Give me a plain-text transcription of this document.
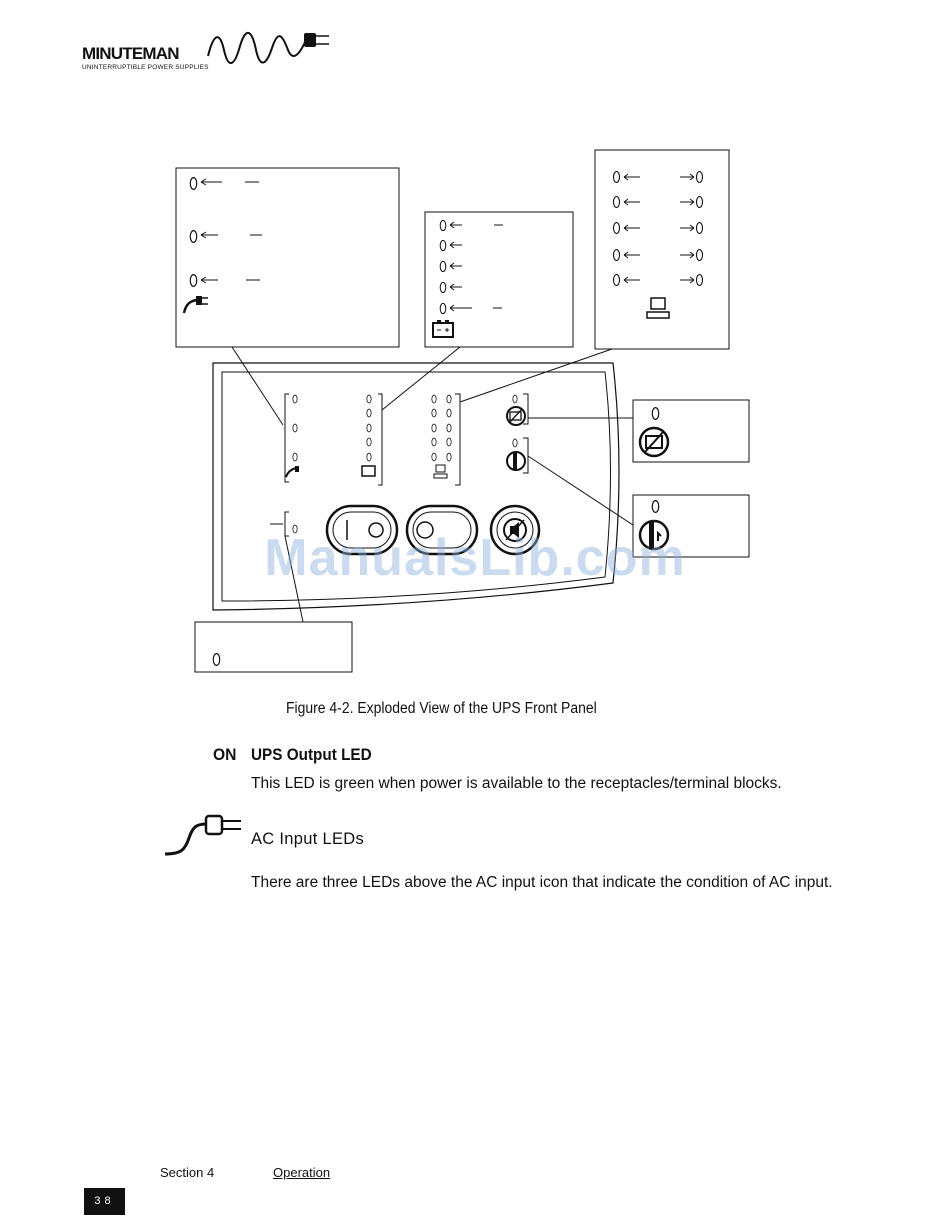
MINUTEMAN
UNINTERRUPTIBLE POWER SUPPLIES
ManualsLib.com
Figure 4-2. Exploded View of the UPS Front Panel
ON UPS Output LED
This LED is green when power is available to the receptacles/terminal blocks.
AC Input LEDs
There are three LEDs above the AC input icon that indicate the condition of AC input.
Section 4	Operation
38
